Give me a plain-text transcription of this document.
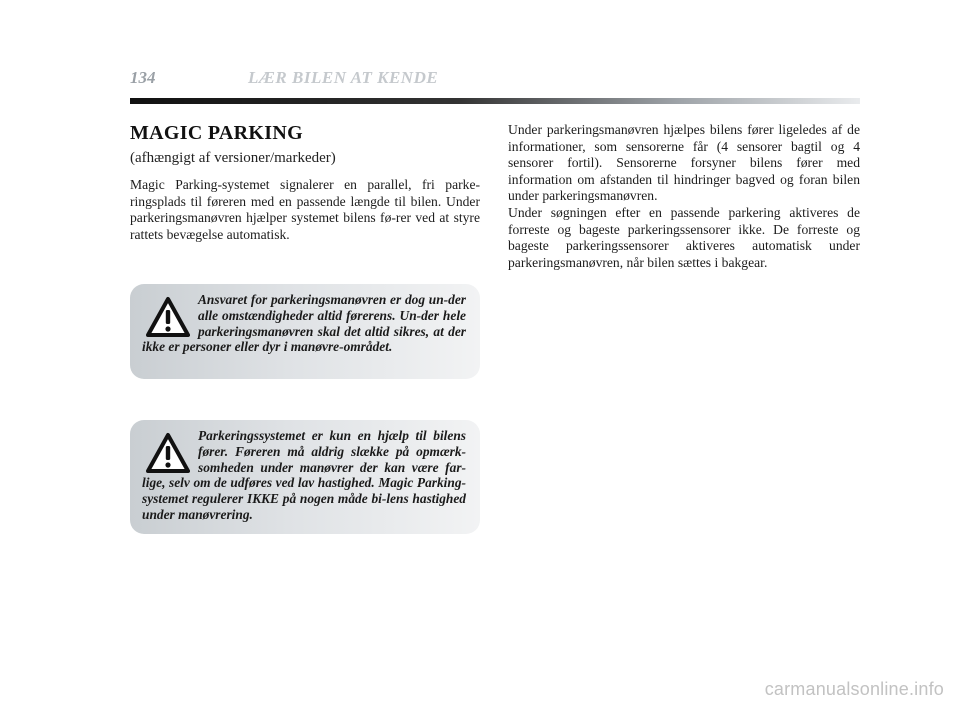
134	LÆR BILEN AT KENDE
MAGIC PARKING

(afhængigt af versioner/markeder)

Magic Parking-systemet signalerer en parallel, fri parke-ringsplads til føreren med en passende længde til bilen. Under parkeringsmanøvren hjælper systemet bilens fø-rer ved at styre rattets bevægelse automatisk.

Ansvaret for parkeringsmanøvren er dog un-der alle omstændigheder altid førerens. Un-der hele parkeringsmanøvren skal det altid sikres, at der ikke er personer eller dyr i manøvre-området.

Parkeringssystemet er kun en hjælp til bilens fører. Føreren må aldrig slække på opmærk-somheden under manøvrer der kan være far-lige, selv om de udføres ved lav hastighed. Magic Parking-systemet regulerer IKKE på nogen måde bi-lens hastighed under manøvrering.

Under parkeringsmanøvren hjælpes bilens fører ligeledes af de informationer, som sensorerne får (4 sensorer bagtil og 4 sensorer fortil). Sensorerne forsyner bilens fører med information om afstanden til hindringer bagved og foran bilen under parkeringsmanøvren.

Under søgningen efter en passende parkering aktiveres de forreste og bageste parkeringssensorer ikke. De forreste og bageste parkeringssensorer aktiveres automatisk under parkeringsmanøvren, når bilen sættes i bakgear.

carmanualsonline.info
